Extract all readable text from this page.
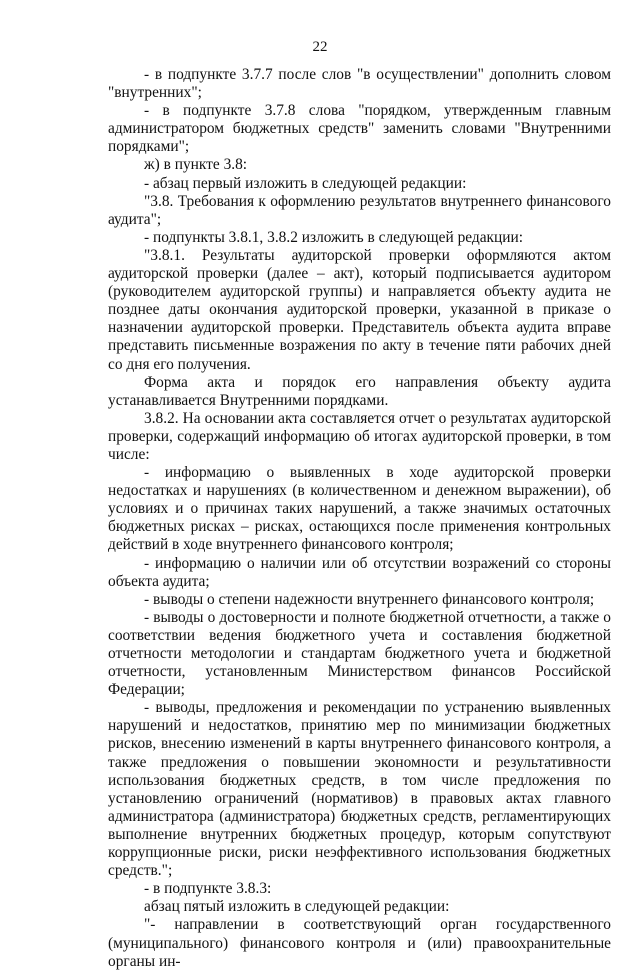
22

- в подпункте 3.7.7 после слов "в осуществлении" дополнить словом "внутренних";

- в подпункте 3.7.8 слова "порядком, утвержденным главным администратором бюджетных средств" заменить словами "Внутренними порядками";

ж) в пункте 3.8:

- абзац первый изложить в следующей редакции:

"3.8. Требования к оформлению результатов внутреннего финансового аудита";

- подпункты 3.8.1, 3.8.2 изложить в следующей редакции:

"3.8.1. Результаты аудиторской проверки оформляются актом аудиторской проверки (далее – акт), который подписывается аудитором (руководителем аудиторской группы) и направляется объекту аудита не позднее даты окончания аудиторской проверки, указанной в приказе о назначении аудиторской проверки. Представитель объекта аудита вправе представить письменные возражения по акту в течение пяти рабочих дней со дня его получения.

Форма акта и порядок его направления объекту аудита устанавливается Внутренними порядками.

3.8.2. На основании акта составляется отчет о результатах аудиторской проверки, содержащий информацию об итогах аудиторской проверки, в том числе:

- информацию о выявленных в ходе аудиторской проверки недостатках и нарушениях (в количественном и денежном выражении), об условиях и о причинах таких нарушений, а также значимых остаточных бюджетных рисках – рисках, остающихся после применения контрольных действий в ходе внутреннего финансового контроля;

- информацию о наличии или об отсутствии возражений со стороны объекта аудита;

- выводы о степени надежности внутреннего финансового контроля;

- выводы о достоверности и полноте бюджетной отчетности, а также о соответствии ведения бюджетного учета и составления бюджетной отчетности методологии и стандартам бюджетного учета и бюджетной отчетности, установленным Министерством финансов Российской Федерации;

- выводы, предложения и рекомендации по устранению выявленных нарушений и недостатков, принятию мер по минимизации бюджетных рисков, внесению изменений в карты внутреннего финансового контроля, а также предложения о повышении экономности и результативности использования бюджетных средств, в том числе предложения по установлению ограничений (нормативов) в правовых актах главного администратора (администратора) бюджетных средств, регламентирующих выполнение внутренних бюджетных процедур, которым сопутствуют коррупционные риски, риски неэффективного использования бюджетных средств.";

- в подпункте 3.8.3:

абзац пятый изложить в следующей редакции:

"- направлении в соответствующий орган государственного (муниципального) финансового контроля и (или) правоохранительные органы ин-
